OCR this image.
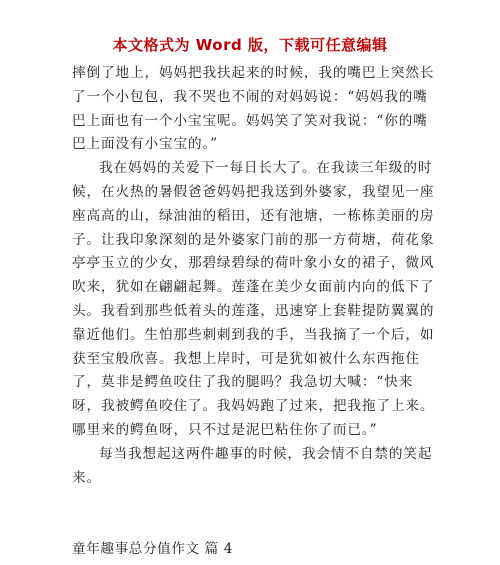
本文格式为 Word 版，下载可任意编辑
摔倒了地上，妈妈把我扶起来的时候，我的嘴巴上突然长
了一个小包包，我不哭也不闹的对妈妈说：“妈妈我的嘴
巴上面也有一个小宝宝呢。妈妈笑了笑对我说：“你的嘴
巴上面没有小宝宝的。”
我在妈妈的关爱下一每日长大了。在我读三年级的时
候，在火热的暑假爸爸妈妈把我送到外婆家，我望见一座
座高高的山，绿油油的稻田，还有池塘，一栋栋美丽的房
子。让我印象深刻的是外婆家门前的那一方荷塘，荷花象
亭亭玉立的少女，那碧绿碧绿的荷叶象小女的裙子，微风
吹来，犹如在翩翩起舞。莲蓬在美少女面前内向的低下了
头。我看到那些低着头的莲蓬，迅速穿上套鞋提防翼翼的
靠近他们。生怕那些刺刺到我的手，当我摘了一个后，如
获至宝般欣喜。我想上岸时，可是犹如被什么东西拖住
了，莫非是鳄鱼咬住了我的腿吗？我急切大喊：“快来
呀，我被鳄鱼咬住了。我妈妈跑了过来，把我拖了上来。
哪里来的鳄鱼呀，只不过是泥巴粘住你了而已。”
每当我想起这两件趣事的时候，我会情不自禁的笑起
来。
童年趣事总分值作文 篇 4
